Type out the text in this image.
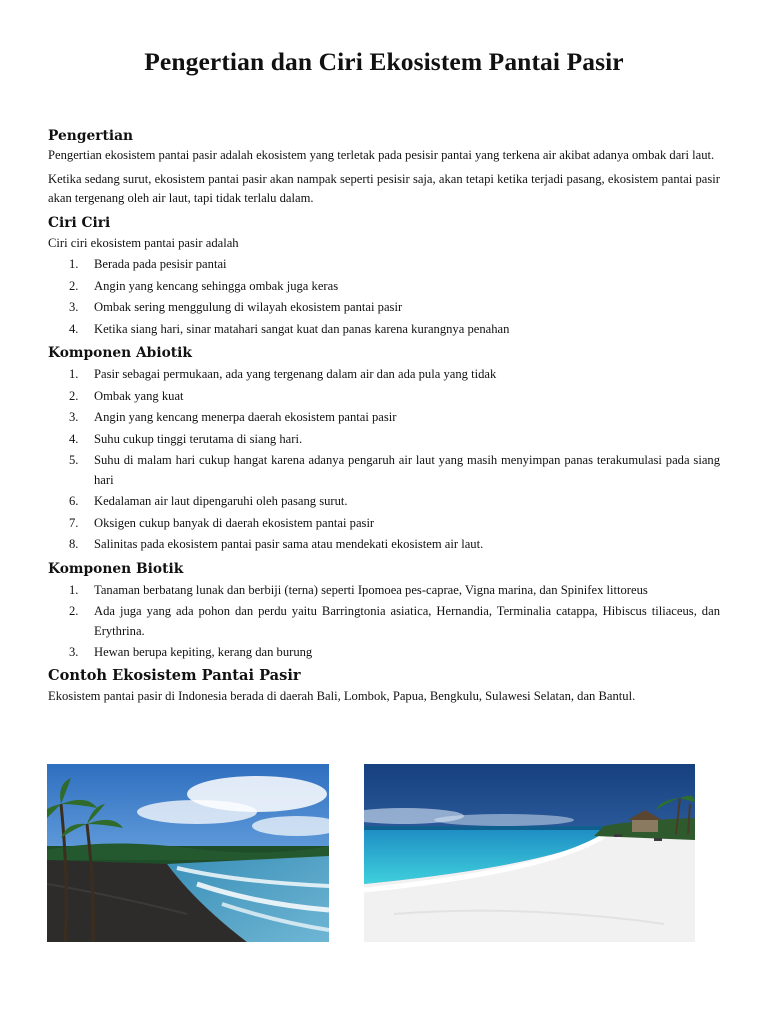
Pengertian dan Ciri Ekosistem Pantai Pasir
Pengertian

Pengertian ekosistem pantai pasir adalah ekosistem yang terletak pada pesisir pantai yang terkena air akibat adanya ombak dari laut.

Ketika sedang surut, ekosistem pantai pasir akan nampak seperti pesisir saja, akan tetapi ketika terjadi pasang, ekosistem pantai pasir akan tergenang oleh air laut, tapi tidak terlalu dalam.

Ciri Ciri

Ciri ciri ekosistem pantai pasir adalah

1. Berada pada pesisir pantai
2. Angin yang kencang sehingga ombak juga keras
3. Ombak sering menggulung di wilayah ekosistem pantai pasir
4. Ketika siang hari, sinar matahari sangat kuat dan panas karena kurangnya penahan
Komponen Abiotik
1. Pasir sebagai permukaan, ada yang tergenang dalam air dan ada pula yang tidak
2. Ombak yang kuat
3. Angin yang kencang menerpa daerah ekosistem pantai pasir
4. Suhu cukup tinggi terutama di siang hari.
5. Suhu di malam hari cukup hangat karena adanya pengaruh air laut yang masih menyimpan panas terakumulasi pada siang hari
6. Kedalaman air laut dipengaruhi oleh pasang surut.
7. Oksigen cukup banyak di daerah ekosistem pantai pasir
8. Salinitas pada ekosistem pantai pasir sama atau mendekati ekosistem air laut.
Komponen Biotik
1. Tanaman berbatang lunak dan berbiji (terna) seperti Ipomoea pes-caprae, Vigna marina, dan Spinifex littoreus
2. Ada juga yang ada pohon dan perdu yaitu Barringtonia asiatica, Hernandia, Terminalia catappa, Hibiscus tiliaceus, dan Erythrina.
3. Hewan berupa kepiting, kerang dan burung
Contoh Ekosistem Pantai Pasir

Ekosistem pantai pasir di Indonesia berada di daerah Bali, Lombok, Papua, Bengkulu, Sulawesi Selatan, dan Bantul.
